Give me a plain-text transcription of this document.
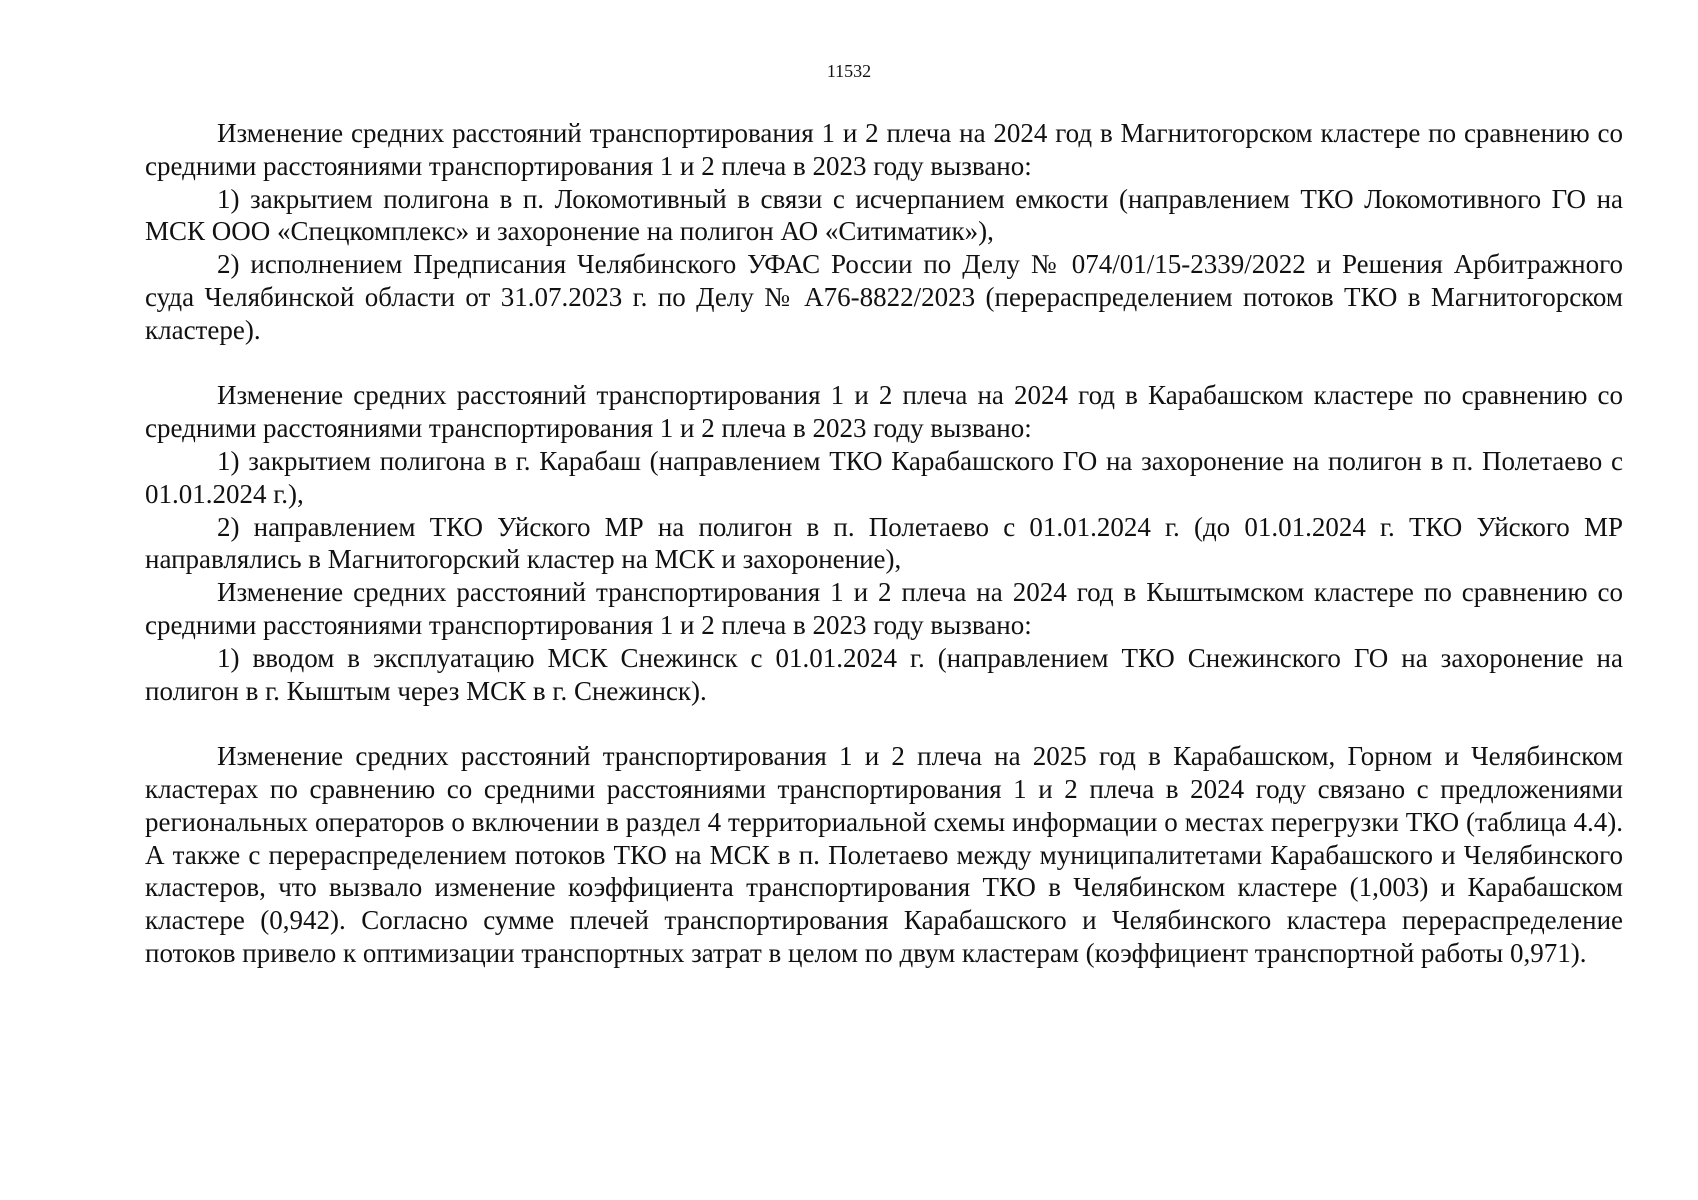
11532

Изменение средних расстояний транспортирования 1 и 2 плеча на 2024 год в Магнитогорском кластере по сравнению со средними расстояниями транспортирования 1 и 2 плеча в 2023 году вызвано:

1) закрытием полигона в п. Локомотивный в связи с исчерпанием емкости (направлением ТКО Локомотивного ГО на МСК ООО «Спецкомплекс» и захоронение на полигон АО «Ситиматик»),

2) исполнением Предписания Челябинского УФАС России по Делу № 074/01/15-2339/2022 и Решения Арбитражного суда Челябинской области от 31.07.2023 г. по Делу № А76-8822/2023 (перераспределением потоков ТКО в Магнитогорском кластере).

Изменение средних расстояний транспортирования 1 и 2 плеча на 2024 год в Карабашском кластере по сравнению со средними расстояниями транспортирования 1 и 2 плеча в 2023 году вызвано:

1) закрытием полигона в г. Карабаш (направлением ТКО Карабашского ГО на захоронение на полигон в п. Полетаево с 01.01.2024 г.),

2) направлением ТКО Уйского МР на полигон в п. Полетаево с 01.01.2024 г. (до 01.01.2024 г. ТКО Уйского МР направлялись в Магнитогорский кластер на МСК и захоронение),

Изменение средних расстояний транспортирования 1 и 2 плеча на 2024 год в Кыштымском кластере по сравнению со средними расстояниями транспортирования 1 и 2 плеча в 2023 году вызвано:

1) вводом в эксплуатацию МСК Снежинск с 01.01.2024 г. (направлением ТКО Снежинского ГО на захоронение на полигон в г. Кыштым через МСК в г. Снежинск).

Изменение средних расстояний транспортирования 1 и 2 плеча на 2025 год в Карабашском, Горном и Челябинском кластерах по сравнению со средними расстояниями транспортирования 1 и 2 плеча в 2024 году связано с предложениями региональных операторов о включении в раздел 4 территориальной схемы информации о местах перегрузки ТКО (таблица 4.4). А также с перераспределением потоков ТКО на МСК в п. Полетаево между муниципалитетами Карабашского и Челябинского кластеров, что вызвало изменение коэффициента транспортирования ТКО в Челябинском кластере (1,003) и Карабашском кластере (0,942). Согласно сумме плечей транспортирования Карабашского и Челябинского кластера перераспределение потоков привело к оптимизации транспортных затрат в целом по двум кластерам (коэффициент транспортной работы 0,971).
